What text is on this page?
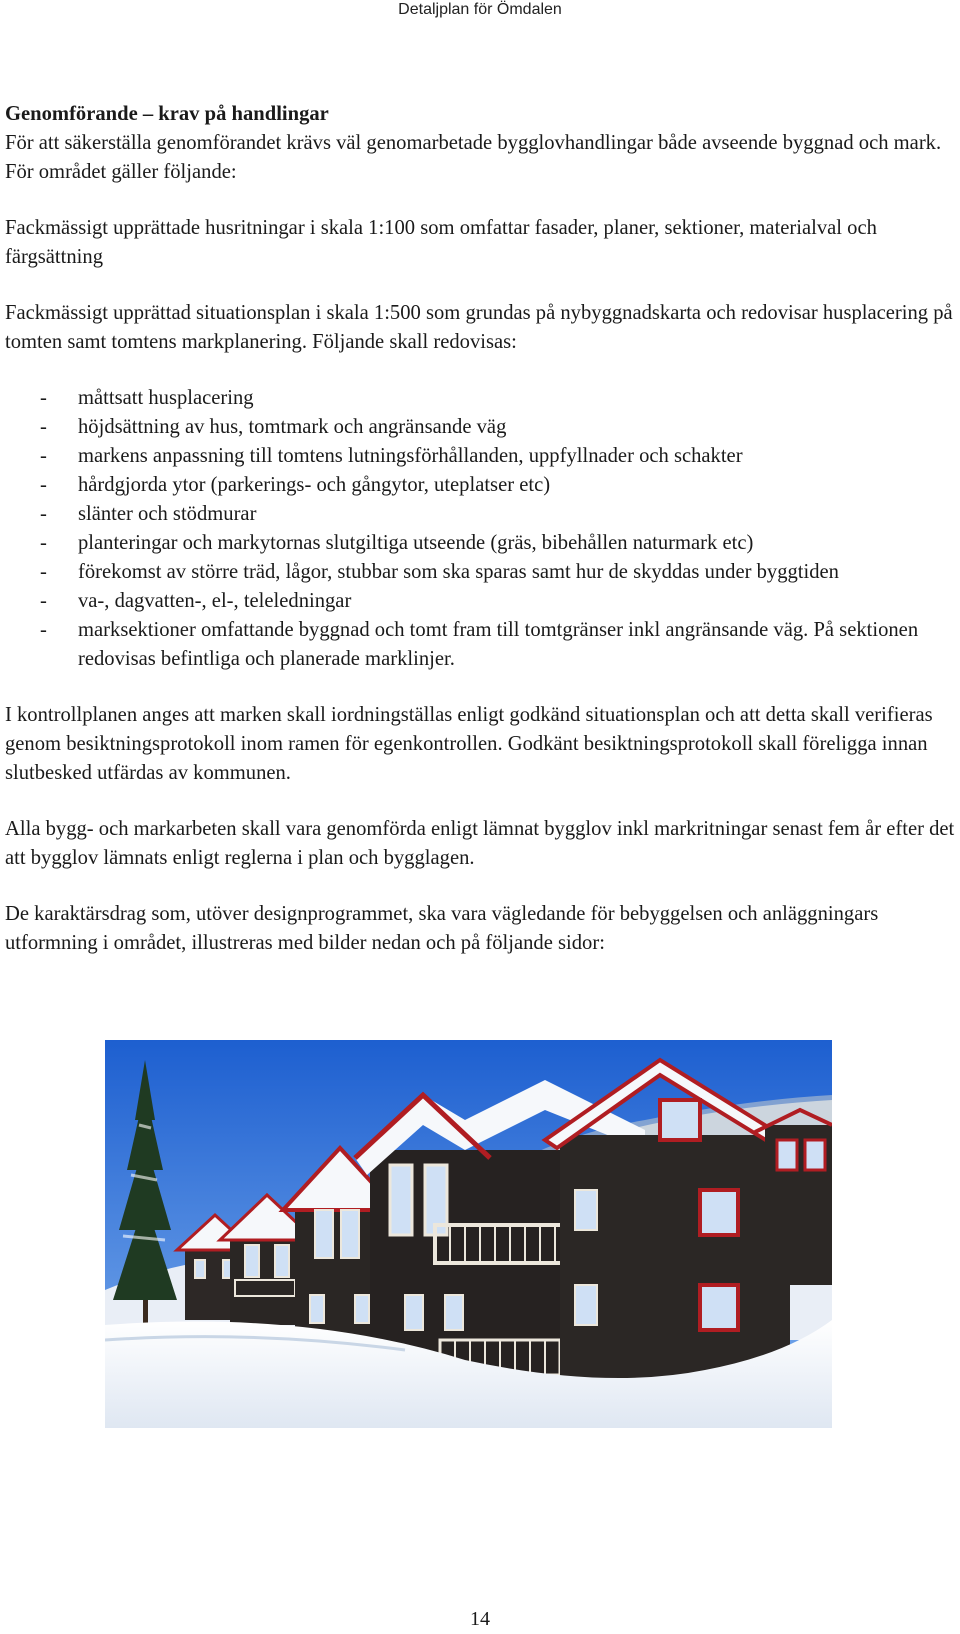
Detaljplan för Ömdalen
Genomförande – krav på handlingar

För att säkerställa genomförandet krävs väl genomarbetade bygglovhandlingar både avseende byggnad och mark. För området gäller följande:

Fackmässigt upprättade husritningar i skala 1:100 som omfattar fasader, planer, sektioner, materialval och färgsättning

Fackmässigt upprättad situationsplan i skala 1:500 som grundas på nybyggnadskarta och redovisar husplacering på tomten samt tomtens markplanering. Följande skall redovisas:

- måttsatt husplacering
- höjdsättning av hus, tomtmark och angränsande väg
- markens anpassning till tomtens lutningsförhållanden, uppfyllnader och schakter
- hårdgjorda ytor (parkerings- och gångytor, uteplatser etc)
- slänter och stödmurar
- planteringar och markytornas slutgiltiga utseende (gräs, bibehållen naturmark etc)
- förekomst av större träd, lågor, stubbar som ska sparas samt hur de skyddas under byggtiden
- va-, dagvatten-, el-, teleledningar
- marksektioner omfattande byggnad och tomt fram till tomtgränser inkl angränsande väg. På sektionen redovisas befintliga och planerade marklinjer.

I kontrollplanen anges att marken skall iordningställas enligt godkänd situationsplan och att detta skall verifieras genom besiktningsprotokoll inom ramen för egenkontrollen. Godkänt besiktningsprotokoll skall föreligga innan slutbesked utfärdas av kommunen.

Alla bygg- och markarbeten skall vara genomförda enligt lämnat bygglov inkl markritningar senast fem år efter det att bygglov lämnats enligt reglerna i plan och bygglagen.

De karaktärsdrag som, utöver designprogrammet, ska vara vägledande för bebyggelsen och anläggningars utformning i området, illustreras med bilder nedan och på följande sidor:

14
